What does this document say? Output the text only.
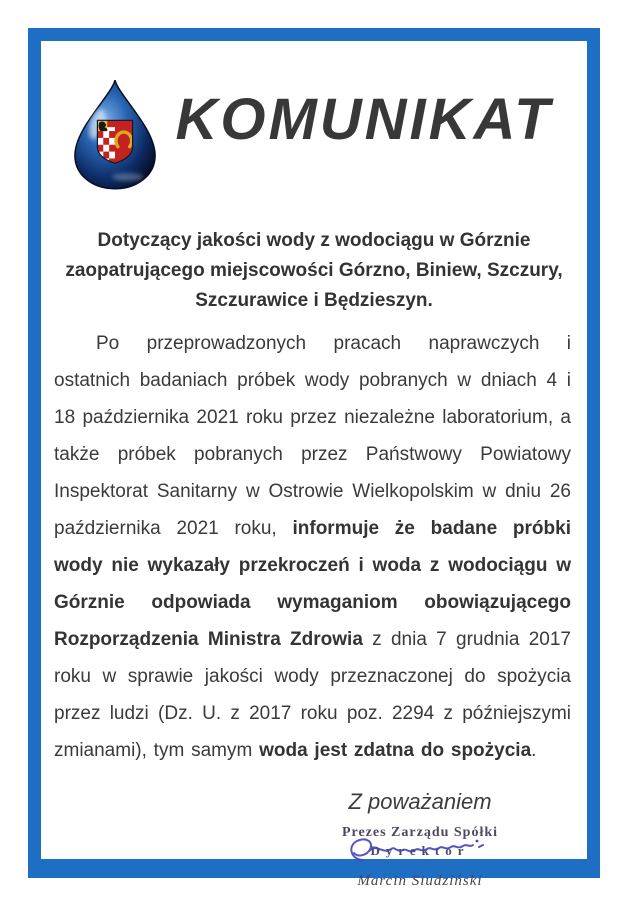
KOMUNIKAT
Dotyczący jakości wody z wodociągu w Górznie
zaopatrującego miejscowości Górzno, Biniew, Szczury,
Szczurawice i Będzieszyn.

Po przeprowadzonych pracach naprawczych i ostatnich badaniach próbek wody pobranych w dniach 4 i 18 października 2021 roku przez niezależne laboratorium, a także próbek pobranych przez Państwowy Powiatowy Inspektorat Sanitarny w Ostrowie Wielkopolskim w dniu 26 października 2021 roku, informuje że badane próbki wody nie wykazały przekroczeń i woda z wodociągu w Górznie odpowiada wymaganiom obowiązującego Rozporządzenia Ministra Zdrowia z dnia 7 grudnia 2017 roku w sprawie jakości wody przeznaczonej do spożycia przez ludzi (Dz. U. z 2017 roku poz. 2294 z późniejszymi zmianami), tym samym woda jest zdatna do spożycia.

Z poważaniem
Prezes Zarządu Spółki
Dyrektor
Marcin Siudziński
